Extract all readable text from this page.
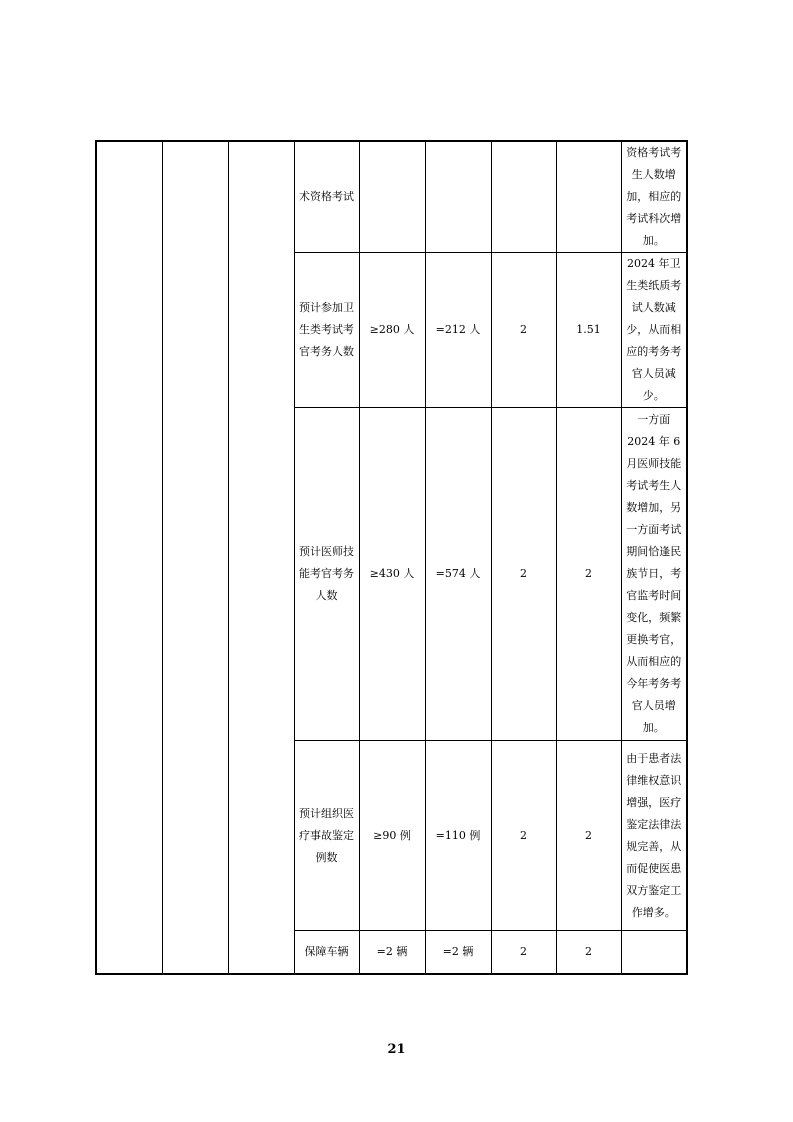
			术资格考试					资格考试考生人数增加，相应的考试科次增加。
			预计参加卫生类考试考官考务人数	≥280 人	=212 人	2	1.51	2024 年卫生类纸质考试人数减少，从而相应的考务考官人员减少。
			预计医师技能考官考务人数	≥430 人	=574 人	2	2	一方面 2024 年 6 月医师技能考试考生人数增加，另一方面考试期间恰逢民族节日，考官监考时间变化，频繁更换考官，从而相应的今年考务考官人员增加。
			预计组织医疗事故鉴定例数	≥90 例	=110 例	2	2	由于患者法律维权意识增强，医疗鉴定法律法规完善，从而促使医患双方鉴定工作增多。
			保障车辆	=2 辆	=2 辆	2	2	
21
